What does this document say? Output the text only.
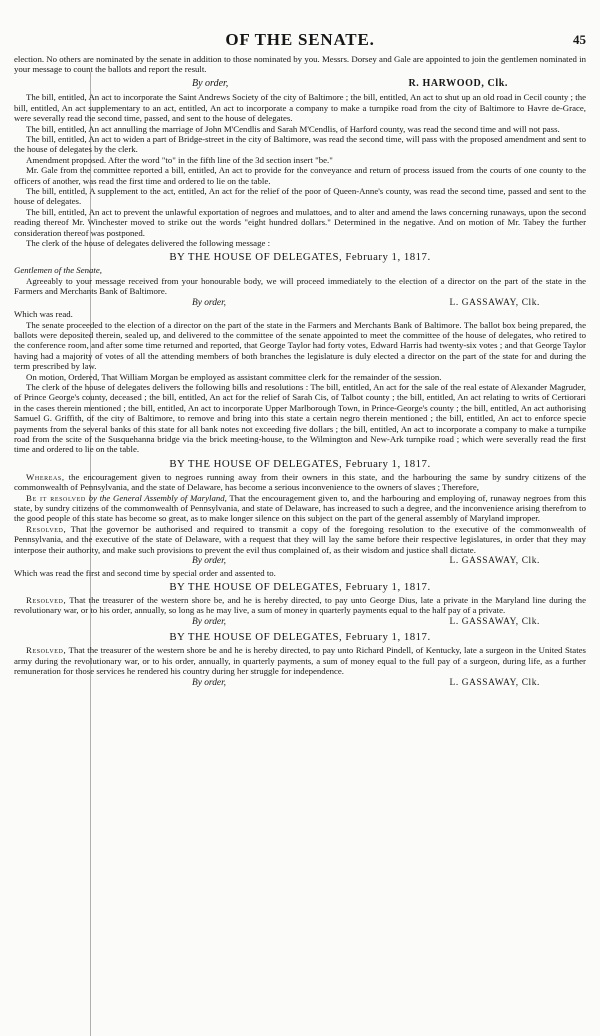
OF THE SENATE.	45

election. No others are nominated by the senate in addition to those nominated by you. Messrs. Dorsey and Gale are appointed to join the gentlemen nominated in your message to count the ballots and report the result.

By order,	R. HARWOOD, Clk.

The bill, entitled, An act to incorporate the Saint Andrews Society of the city of Baltimore ; the bill, entitled, An act to shut up an old road in Cecil county ; the bill, entitled, An act supplementary to an act, entitled, An act to incorporate a company to make a turnpike road from the city of Baltimore to Havre de-Grace, were severally read the second time, passed, and sent to the house of delegates.

The bill, entitled, An act annulling the marriage of John M'Cendlis and Sarah M'Cendlis, of Harford county, was read the second time and will not pass.

The bill, entitled, An act to widen a part of Bridge-street in the city of Baltimore, was read the second time, will pass with the proposed amendment and sent to the house of delegates by the clerk.

Amendment proposed. After the word "to" in the fifth line of the 3d section insert "be."

Mr. Gale from the committee reported a bill, entitled, An act to provide for the conveyance and return of process issued from the courts of one county to the officers of another, was read the first time and ordered to lie on the table.

The bill, entitled, A supplement to the act, entitled, An act for the relief of the poor of Queen-Anne's county, was read the second time, passed and sent to the house of delegates.

The bill, entitled, An act to prevent the unlawful exportation of negroes and mulattoes, and to alter and amend the laws concerning runaways, upon the second reading thereof Mr. Winchester moved to strike out the words "eight hundred dollars." Determined in the negative. And on motion of Mr. Tabey the further consideration thereof was postponed.

The clerk of the house of delegates delivered the following message :

BY THE HOUSE OF DELEGATES, February 1, 1817.

Gentlemen of the Senate,

Agreeably to your message received from your honourable body, we will proceed immediately to the election of a director on the part of the state in the Farmers and Merchants Bank of Baltimore.

By order,	L. GASSAWAY, Clk.

Which was read.

The senate proceeded to the election of a director on the part of the state in the Farmers and Merchants Bank of Baltimore. The ballot box being prepared, the ballots were deposited therein, sealed up, and delivered to the committee of the senate appointed to meet the committee of the house of delegates, who retired to the conference room, and after some time returned and reported, that George Taylor had forty votes, Edward Harris had twenty-six votes ; and that George Taylor having had a majority of votes of all the attending members of both branches the legislature is duly elected a director on the part of the state for and during the term prescribed by law.

On motion, Ordered, That William Morgan be employed as assistant committee clerk for the remainder of the session.

The clerk of the house of delegates delivers the following bills and resolutions : The bill, entitled, An act for the sale of the real estate of Alexander Magruder, of Prince George's county, deceased ; the bill, entitled, An act for the relief of Sarah Cis, of Talbot county ; the bill, entitled, An act relating to writs of Certiorari in the cases therein mentioned ; the bill, entitled, An act to incorporate Upper Marlborough Town, in Prince-George's county ; the bill, entitled, An act authorising Samuel G. Griffith, of the city of Baltimore, to remove and bring into this state a certain negro therein mentioned ; the bill, entitled, An act to enforce specie payments from the several banks of this state for all bank notes not exceeding five dollars ; the bill, entitled, An act to incorporate a company to make a turnpike road from the scite of the Susquehanna bridge via the brick meeting-house, to the Wilmington and New-Ark turnpike road ; which were severally read the first time and ordered to lie on the table.

BY THE HOUSE OF DELEGATES, February 1, 1817.

Whereas, the encouragement given to negroes running away from their owners in this state, and the harbouring the same by sundry citizens of the commonwealth of Pennsylvania, and the state of Delaware, has become a serious inconvenience to the owners of slaves ; Therefore,

Be it resolved by the General Assembly of Maryland, That the encouragement given to, and the harbouring and employing of, runaway negroes from this state, by sundry citizens of the commonwealth of Pennsylvania, and state of Delaware, has increased to such a degree, and the inconvenience arising therefrom to the good people of this state has become so great, as to make longer silence on this subject on the part of the general assembly of Maryland improper.

Resolved, That the governor be authorised and required to transmit a copy of the foregoing resolution to the executive of the commonwealth of Pennsylvania, and the executive of the state of Delaware, with a request that they will lay the same before their respective legislatures, in order that they may interpose their authority, and make such provisions to prevent the evil thus complained of, as their wisdom and justice shall dictate.

By order,	L. GASSAWAY, Clk.

Which was read the first and second time by special order and assented to.

BY THE HOUSE OF DELEGATES, February 1, 1817.

Resolved, That the treasurer of the western shore be, and he is hereby directed, to pay unto George Dius, late a private in the Maryland line during the revolutionary war, or to his order, annually, so long as he may live, a sum of money in quarterly payments equal to the half pay of a private.

By order,	L. GASSAWAY, Clk.
BY THE HOUSE OF DELEGATES, February 1, 1817.

Resolved, That the treasurer of the western shore be and he is hereby directed, to pay unto Richard Pindell, of Kentucky, late a surgeon in the United States army during the revolutionary war, or to his order, annually, in quarterly payments, a sum of money equal to the full pay of a surgeon, during life, as a further remuneration for those services he rendered his country during her struggle for independence.

By order,	L. GASSAWAY, Clk.
